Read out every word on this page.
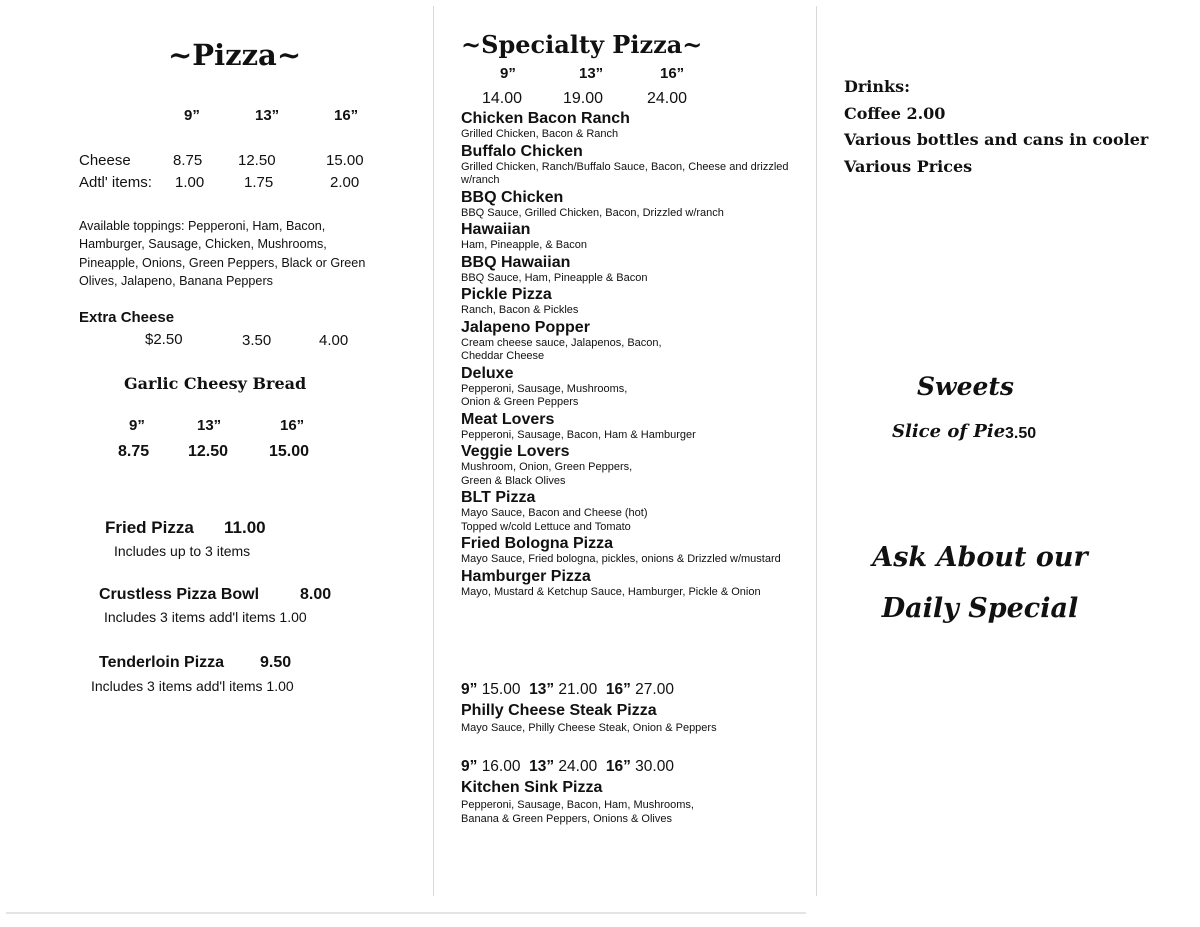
~Pizza~
9”	13”	16”
Cheese	8.75 12.50	15.00
Adtl' items: 1.00	1.75	2.00
Available toppings: Pepperoni, Ham, Bacon,
Hamburger, Sausage, Chicken, Mushrooms,
Pineapple, Onions, Green Peppers, Black or Green
Olives, Jalapeno, Banana Peppers
Extra Cheese
$2.50	3.50	4.00
Garlic Cheesy Bread
9”	13”	16”
8.75 12.50	15.00
Fried Pizza 11.00
Includes up to 3 items
Crustless Pizza Bowl	8.00
Includes 3 items add'l items 1.00
Tenderloin Pizza 9.50
Includes 3 items add'l items 1.00
~Specialty Pizza~
9”	13”	16”
14.00	19.00	24.00
Chicken Bacon Ranch
Grilled Chicken, Bacon & Ranch
Buffalo Chicken
Grilled Chicken, Ranch/Buffalo Sauce, Bacon, Cheese and drizzled w/ranch
BBQ Chicken
BBQ Sauce, Grilled Chicken, Bacon, Drizzled w/ranch
Hawaiian
Ham, Pineapple, & Bacon
BBQ Hawaiian
BBQ Sauce, Ham, Pineapple & Bacon
Pickle Pizza
Ranch, Bacon & Pickles
Jalapeno Popper
Cream cheese sauce, Jalapenos, Bacon,
Cheddar Cheese
Deluxe
Pepperoni, Sausage, Mushrooms,
Onion & Green Peppers
Meat Lovers
Pepperoni, Sausage, Bacon, Ham & Hamburger
Veggie Lovers
Mushroom, Onion, Green Peppers,
Green & Black Olives
BLT Pizza
Mayo Sauce, Bacon and Cheese (hot)
Topped w/cold Lettuce and Tomato
Fried Bologna Pizza
Mayo Sauce, Fried bologna, pickles, onions & Drizzled w/mustard
Hamburger Pizza
Mayo, Mustard & Ketchup Sauce, Hamburger, Pickle & Onion
9” 15.00 13” 21.00 16” 27.00
Philly Cheese Steak Pizza
Mayo Sauce, Philly Cheese Steak, Onion & Peppers
9” 16.00 13” 24.00 16” 30.00
Kitchen Sink Pizza
Pepperoni, Sausage, Bacon, Ham, Mushrooms,
Banana & Green Peppers, Onions & Olives
Drinks:
Coffee 2.00
Various bottles and cans in cooler
Various Prices
Sweets
Slice of Pie 3.50
Ask About our
Daily Special
